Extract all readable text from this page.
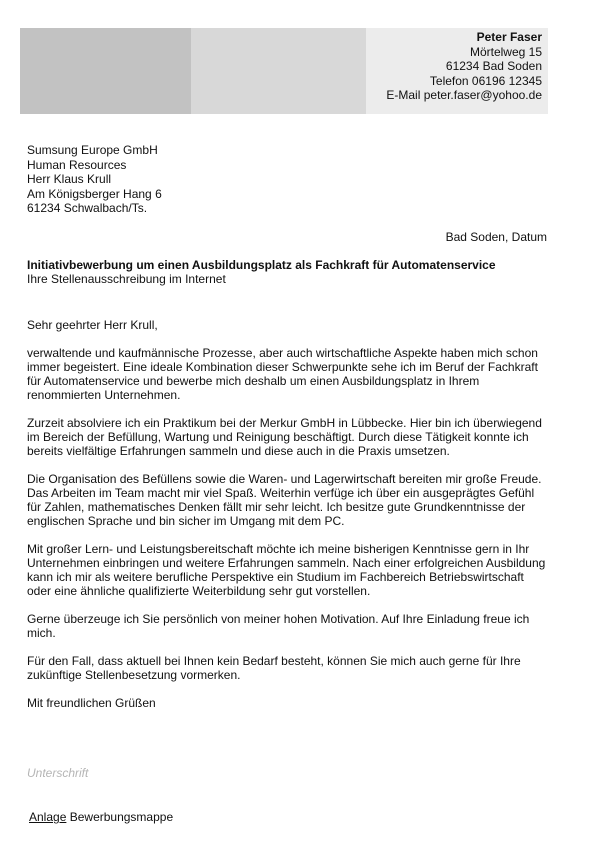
Peter Faser
Mörtelweg 15
61234 Bad Soden
Telefon 06196 12345
E-Mail peter.faser@yohoo.de
Sumsung Europe GmbH
Human Resources
Herr Klaus Krull
Am Königsberger Hang 6
61234 Schwalbach/Ts.
Bad Soden, Datum
Initiativbewerbung um einen Ausbildungsplatz als Fachkraft für Automatenservice
Ihre Stellenausschreibung im Internet

Sehr geehrter Herr Krull,

verwaltende und kaufmännische Prozesse, aber auch wirtschaftliche Aspekte haben mich schon immer begeistert. Eine ideale Kombination dieser Schwerpunkte sehe ich im Beruf der Fachkraft für Automatenservice und bewerbe mich deshalb um einen Ausbildungsplatz in Ihrem renommierten Unternehmen.

Zurzeit absolviere ich ein Praktikum bei der Merkur GmbH in Lübbecke. Hier bin ich überwiegend im Bereich der Befüllung, Wartung und Reinigung beschäftigt. Durch diese Tätigkeit konnte ich bereits vielfältige Erfahrungen sammeln und diese auch in die Praxis umsetzen.

Die Organisation des Befüllens sowie die Waren- und Lagerwirtschaft bereiten mir große Freude. Das Arbeiten im Team macht mir viel Spaß. Weiterhin verfüge ich über ein ausgeprägtes Gefühl für Zahlen, mathematisches Denken fällt mir sehr leicht. Ich besitze gute Grundkenntnisse der englischen Sprache und bin sicher im Umgang mit dem PC.

Mit großer Lern- und Leistungsbereitschaft möchte ich meine bisherigen Kenntnisse gern in Ihr Unternehmen einbringen und weitere Erfahrungen sammeln. Nach einer erfolgreichen Ausbildung kann ich mir als weitere berufliche Perspektive ein Studium im Fachbereich Betriebswirtschaft oder eine ähnliche qualifizierte Weiterbildung sehr gut vorstellen.

Gerne überzeuge ich Sie persönlich von meiner hohen Motivation. Auf Ihre Einladung freue ich mich.

Für den Fall, dass aktuell bei Ihnen kein Bedarf besteht, können Sie mich auch gerne für Ihre zukünftige Stellenbesetzung vormerken.

Mit freundlichen Grüßen

Unterschrift
Anlage Bewerbungsmappe
